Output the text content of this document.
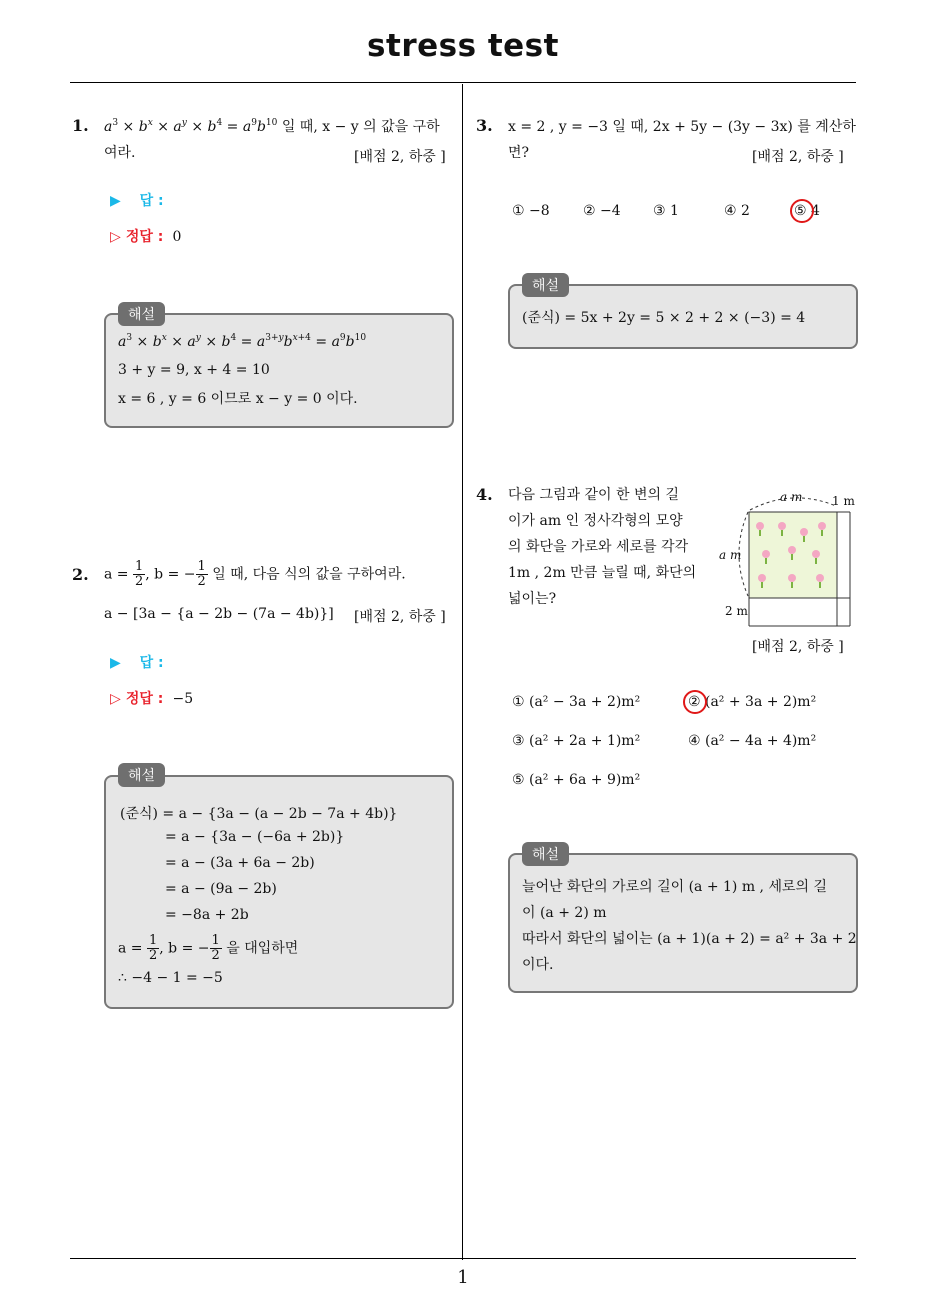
stress test
1
1. $a^3 \times b^x \times a^y \times b^4 = a^9b^{10}$ 일 때, x − y 의 값을 구하
여라.	[배점 2, 하중 ]
▶ 답 :
▷ 정답 : 0
해설
$a^3 \times b^x \times a^y \times b^4 = a^{3+y}b^{x+4} = a^9b^{10}$
3 + y = 9, x + 4 = 10
x = 6 , y = 6 이므로 x − y = 0 이다.
2. $a = \frac{1}{2}$ , b = − $\frac{1}{2}$ 일 때, 다음 식의 값을 구하여라.
a − [3a − {a − 2b − (7a − 4b)}] [배점 2, 하중 ]
▶ 답 :
▷ 정답 : −5
해설
(준식) = a − {3a − (a − 2b − 7a + 4b)}
= a − {3a − (−6a + 2b)}
= a − (3a + 6a − 2b)
= a − (9a − 2b)
= −8a + 2b
$a = \frac{1}{2}$ , b = − $\frac{1}{2}$ 을 대입하면
∴ −4 − 1 = −5
3. x = 2 , y = −3 일 때, 2x + 5y − (3y − 3x) 를 계산하
면?	[배점 2, 하중 ]
① −8 ② −4 ③ 1	④ 2	⑤ 4
해설
(준식) = 5x + 2y = 5 × 2 + 2 × (−3) = 4
4. 다음 그림과 같이 한 변의 길
이가 am 인 정사각형의 모양
의 화단을 가로와 세로를 각각
1m , 2m 만큼 늘릴 때, 화단의
넓이는?
a m 1 m
a m
2 m
[배점 2, 하중 ]
① (a² − 3a + 2)m²	② (a² + 3a + 2)m²
③ (a² + 2a + 1)m²	④ (a² − 4a + 4)m²
⑤ (a² + 6a + 9)m²
해설
늘어난 화단의 가로의 길이 (a + 1) m , 세로의 길
이 (a + 2) m
따라서 화단의 넓이는 (a + 1)(a + 2) = a² + 3a + 2
이다.
